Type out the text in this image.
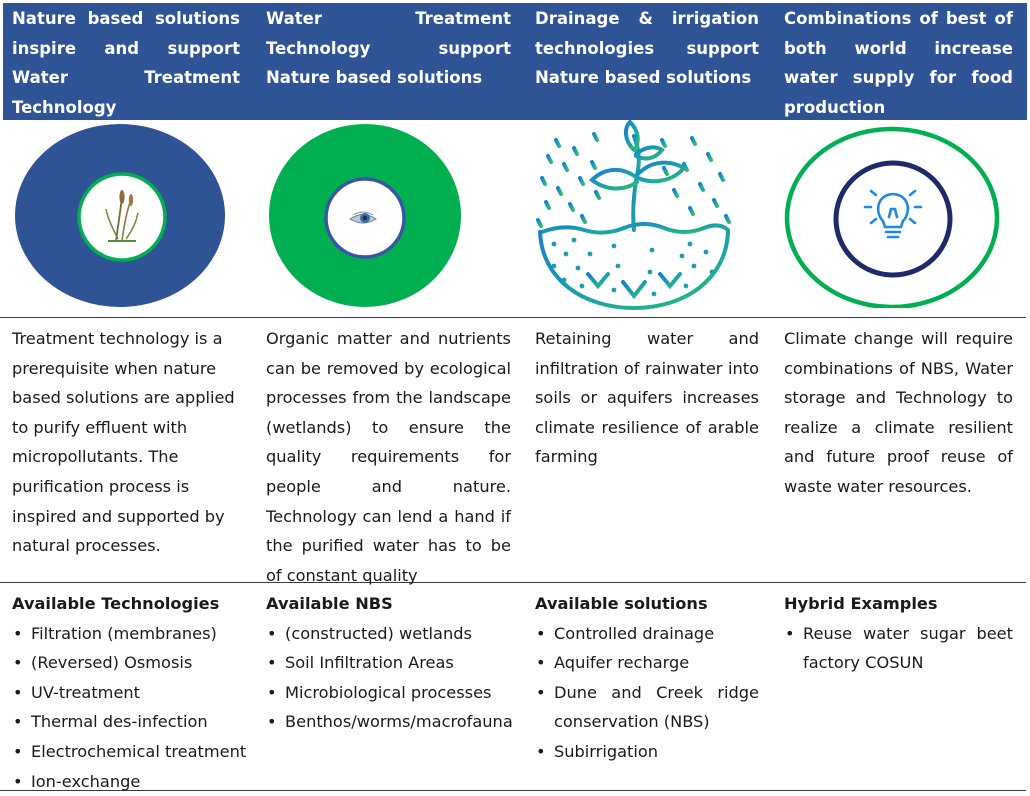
Nature based solutions inspire and support Water Treatment Technology
Water Treatment Technology support Nature based solutions
Drainage & irrigation technologies support Nature based solutions
Combinations of best of both world increase water supply for food production
Treatment technology is a prerequisite when nature based solutions are applied to purify effluent with micropollutants. The purification process is inspired and supported by natural processes.
Organic matter and nutrients can be removed by ecological processes from the landscape (wetlands) to ensure the quality requirements for people and nature. Technology can lend a hand if the purified water has to be of constant quality
Retaining water and infiltration of rainwater into soils or aquifers increases climate resilience of arable farming
Climate change will require combinations of NBS, Water storage and Technology to realize a climate resilient and future proof reuse of waste water resources.
Available Technologies
• Filtration (membranes)
• (Reversed) Osmosis
• UV-treatment
• Thermal des-infection
• Electrochemical treatment
• Ion-exchange
Available NBS
• (constructed) wetlands
• Soil Infiltration Areas
• Microbiological processes
• Benthos/worms/macrofauna
Available solutions
• Controlled drainage
• Aquifer recharge
• Dune and Creek ridge conservation (NBS)
• Subirrigation
Hybrid Examples
• Reuse water sugar beet factory COSUN
